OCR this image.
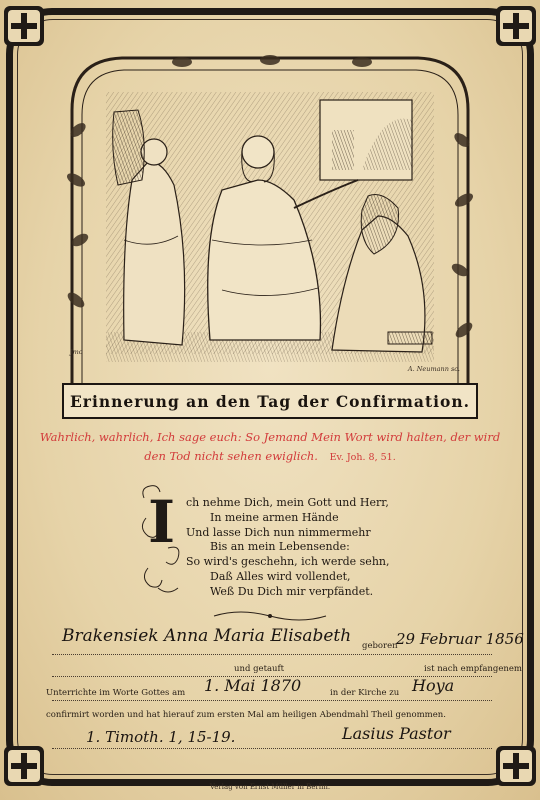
Jmc
A. Neumann sc.
Erinnerung an den Tag der Confirmation.
Wahrlich, wahrlich, Ich sage euch: So Jemand Mein Wort wird halten, der wird
den Tod nicht sehen ewiglich. Ev. Joh. 8, 51.
I ch nehme Dich, mein Gott und Herr,
In meine armen Hände
Und lasse Dich nun nimmermehr
Bis an mein Lebensende:
So wird's geschehn, ich werde sehn,
Daß Alles wird vollendet,
Weß Du Dich mir verpfändet.
Brakensiek Anna Maria Elisabeth geboren
29 Februar 1856
und getauft	ist nach empfangenem
Unterrichte im Worte Gottes am 1. Mai 1870	in der Kirche zu Hoya
confirmirt worden und hat hierauf zum ersten Mal am heiligen Abendmahl Theil genommen.
1. Timoth. 1, 15-19.	Lasius Pastor
Verlag von Ernst Müller in Berlin.
